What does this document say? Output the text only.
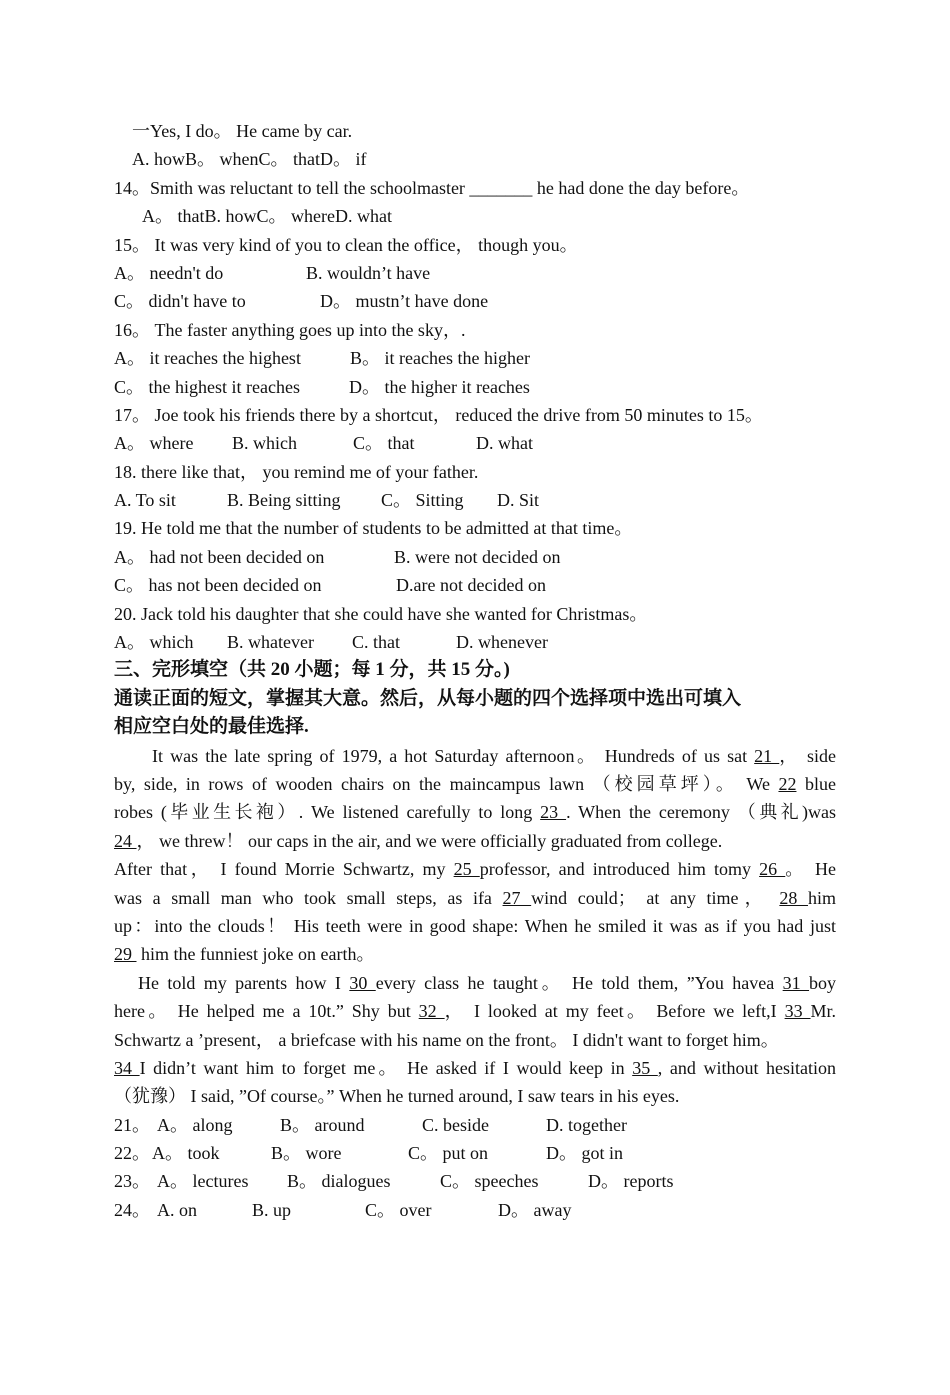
一Yes, I do。 He came by car.
A. howB。 whenC。 thatD。 if
14。Smith was reluctant to tell the schoolmaster _______ he had done the day before。
A。 thatB. howC。 whereD. what
15。 It was very kind of you to clean the office， though you。

A。 needn't do

	B. wouldn’t have

C。 didn't have to

	D。 mustn’t have done

16。 The faster anything goes up into the sky，.

A。 it reaches the highest

	B。 it reaches the higher

C。 the highest it reaches

	D。 the higher it reaches

17。 Joe took his friends there by a shortcut， reduced the drive from 50 minutes to 15。

A。 where

B. which

	C。 that

	D. what

18. there like that， you remind me of your father.

A. To sit

	B. Being sitting

C。 Sitting

D. Sit

19. He told me that the number of students to be admitted at that time。

A。 had not been decided on

	B. were not decided on

C。 has not been decided on

	D.are not decided on

20. Jack told his daughter that she could have she wanted for Christmas。

A。 which

B. whatever

C. that

	D. whenever

三、完形填空（共 20 小题；每 1 分，共 15 分。)
通读正面的短文，掌握其大意。然后，从每小题的四个选择项中选出可填入
相应空白处的最佳选择.
It was the late spring of 1979, a hot Saturday afternoon。 Hundreds of us sat 21 ， side
by, side, in rows of wooden chairs on the maincampus lawn （校园草坪）。 We 22 blue
robes (毕业生长袍）. We listened carefully to long 23 . When the ceremony （典礼)was
24 ， we threw！ our caps in the air, and we were officially graduated from college.
After that， I found Morrie Schwartz, my 25 professor, and introduced him tomy 26 。 He
was a small man who took small steps, as ifa 27 wind could； at any time， 28 him
up：into the clouds！ His teeth were in good shape: When he smiled it was as if you had just
29  him the funniest joke on earth。
He told my parents how I 30 every class he taught。 He told them, ”You havea 31 boy
here。 He helped me a 10t.” Shy but 32 ， I looked at my feet。 Before we left,I 33 Mr.
Schwartz a ’present， a briefcase with his name on the front。 I didn't want to forget him。
34 I didn’t want him to forget me。 He asked if I would keep in 35 , and without hesitation
（犹豫） I said, ”Of course。” When he turned around, I saw tears in his eyes.

21。

A。 along

	B。 around

	C. beside

	D. together

22。

A。 took

	B。 wore

	C。 put on

	D。 got in

23。

A。 lectures

B。 dialogues

	C。 speeches

	D。 reports

24。

A. on

	B. up

	C。 over

	D。 away
